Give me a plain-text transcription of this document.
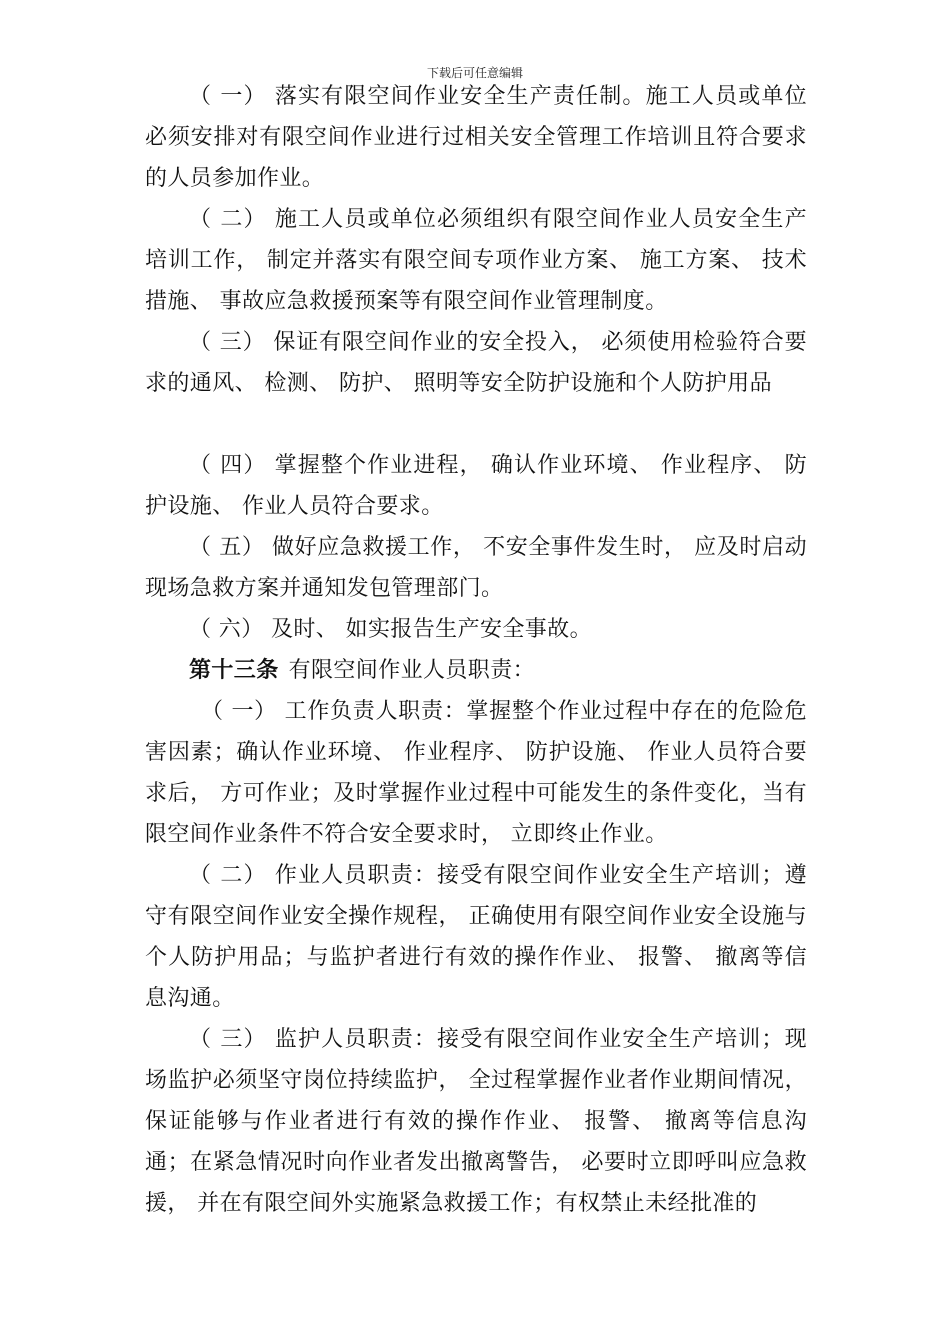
下载后可任意编辑

（ 一） 落实有限空间作业安全生产责任制。施工人员或单位必须安排对有限空间作业进行过相关安全管理工作培训且符合要求的人员参加作业。

（ 二） 施工人员或单位必须组织有限空间作业人员安全生产培训工作， 制定并落实有限空间专项作业方案、 施工方案、 技术措施、 事故应急救援预案等有限空间作业管理制度。

（ 三） 保证有限空间作业的安全投入， 必须使用检验符合要求的通风、 检测、 防护、 照明等安全防护设施和个人防护用品

（ 四） 掌握整个作业进程， 确认作业环境、 作业程序、 防护设施、 作业人员符合要求。

（ 五） 做好应急救援工作， 不安全事件发生时， 应及时启动现场急救方案并通知发包管理部门。

（ 六） 及时、 如实报告生产安全事故。

第十三条 有限空间作业人员职责：

（ 一） 工作负责人职责：掌握整个作业过程中存在的危险危害因素；确认作业环境、 作业程序、 防护设施、 作业人员符合要求后， 方可作业；及时掌握作业过程中可能发生的条件变化，当有限空间作业条件不符合安全要求时， 立即终止作业。

（ 二） 作业人员职责：接受有限空间作业安全生产培训；遵守有限空间作业安全操作规程， 正确使用有限空间作业安全设施与个人防护用品；与监护者进行有效的操作作业、 报警、 撤离等信息沟通。

（ 三） 监护人员职责：接受有限空间作业安全生产培训；现场监护必须坚守岗位持续监护， 全过程掌握作业者作业期间情况，保证能够与作业者进行有效的操作作业、 报警、 撤离等信息沟通；在紧急情况时向作业者发出撤离警告， 必要时立即呼叫应急救援， 并在有限空间外实施紧急救援工作；有权禁止未经批准的
